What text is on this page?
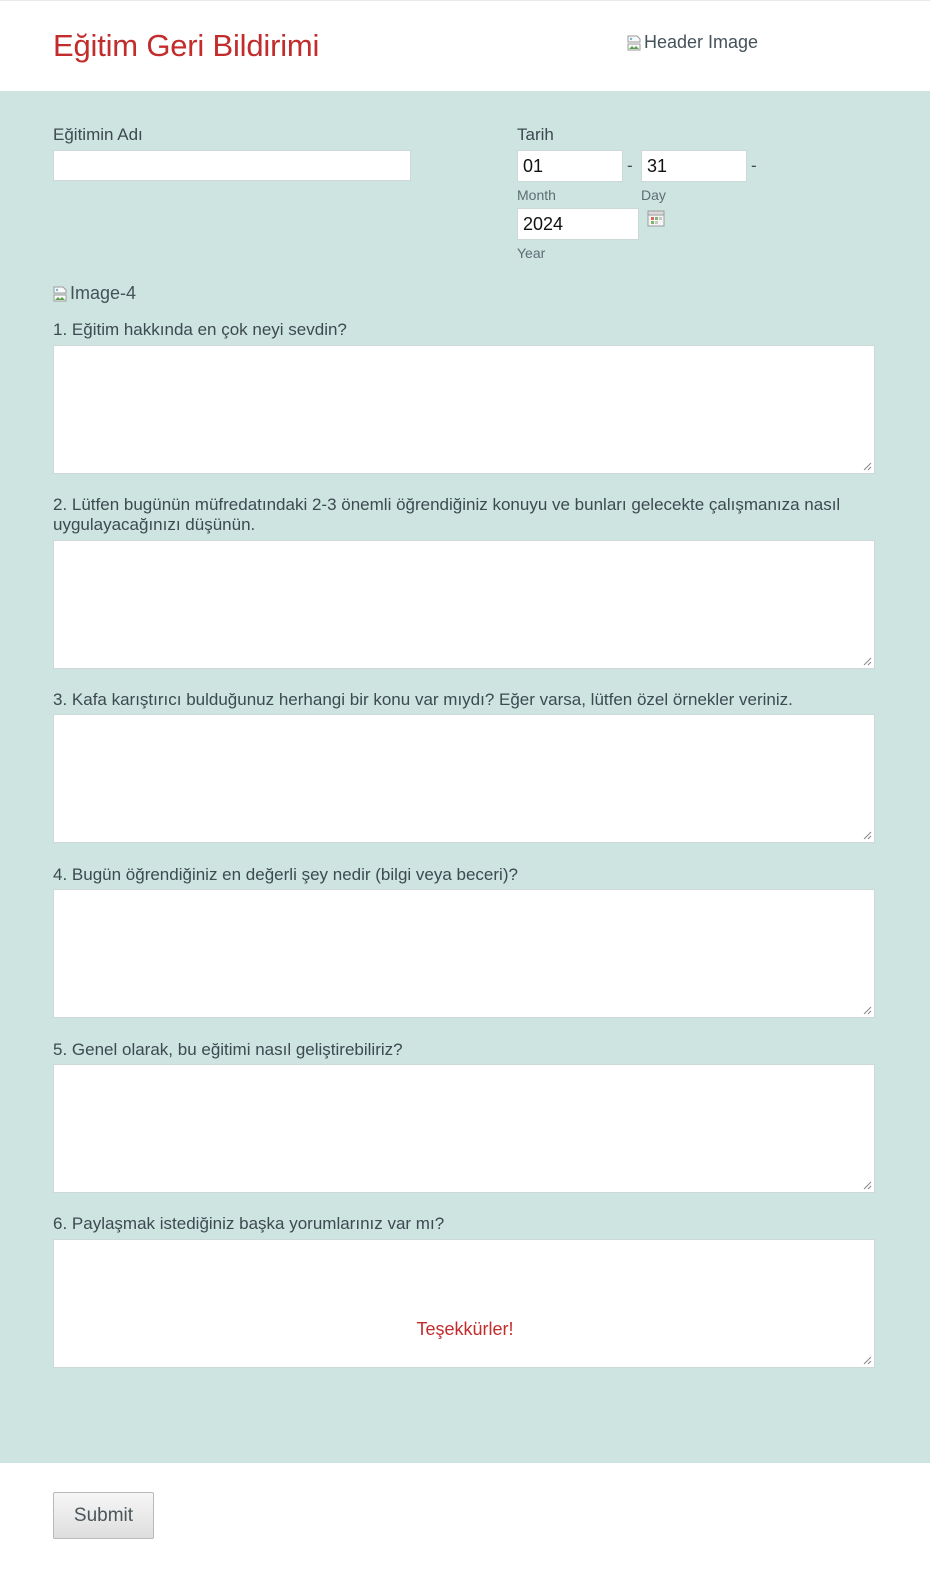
Eğitim Geri Bildirimi	Header Image
Eğitimin Adı	Tarih
01
-
31	-
Month	Day
2024
Year
Image-4
1. Eğitim hakkında en çok neyi sevdin?
2. Lütfen bugünün müfredatındaki 2-3 önemli öğrendiğiniz konuyu ve bunları gelecekte çalışmanıza nasıl uygulayacağınızı düşünün.
3. Kafa karıştırıcı bulduğunuz herhangi bir konu var mıydı? Eğer varsa, lütfen özel örnekler veriniz.
4. Bugün öğrendiğiniz en değerli şey nedir (bilgi veya beceri)?
5. Genel olarak, bu eğitimi nasıl geliştirebiliriz?
6. Paylaşmak istediğiniz başka yorumlarınız var mı?
Teşekkürler!
Submit
